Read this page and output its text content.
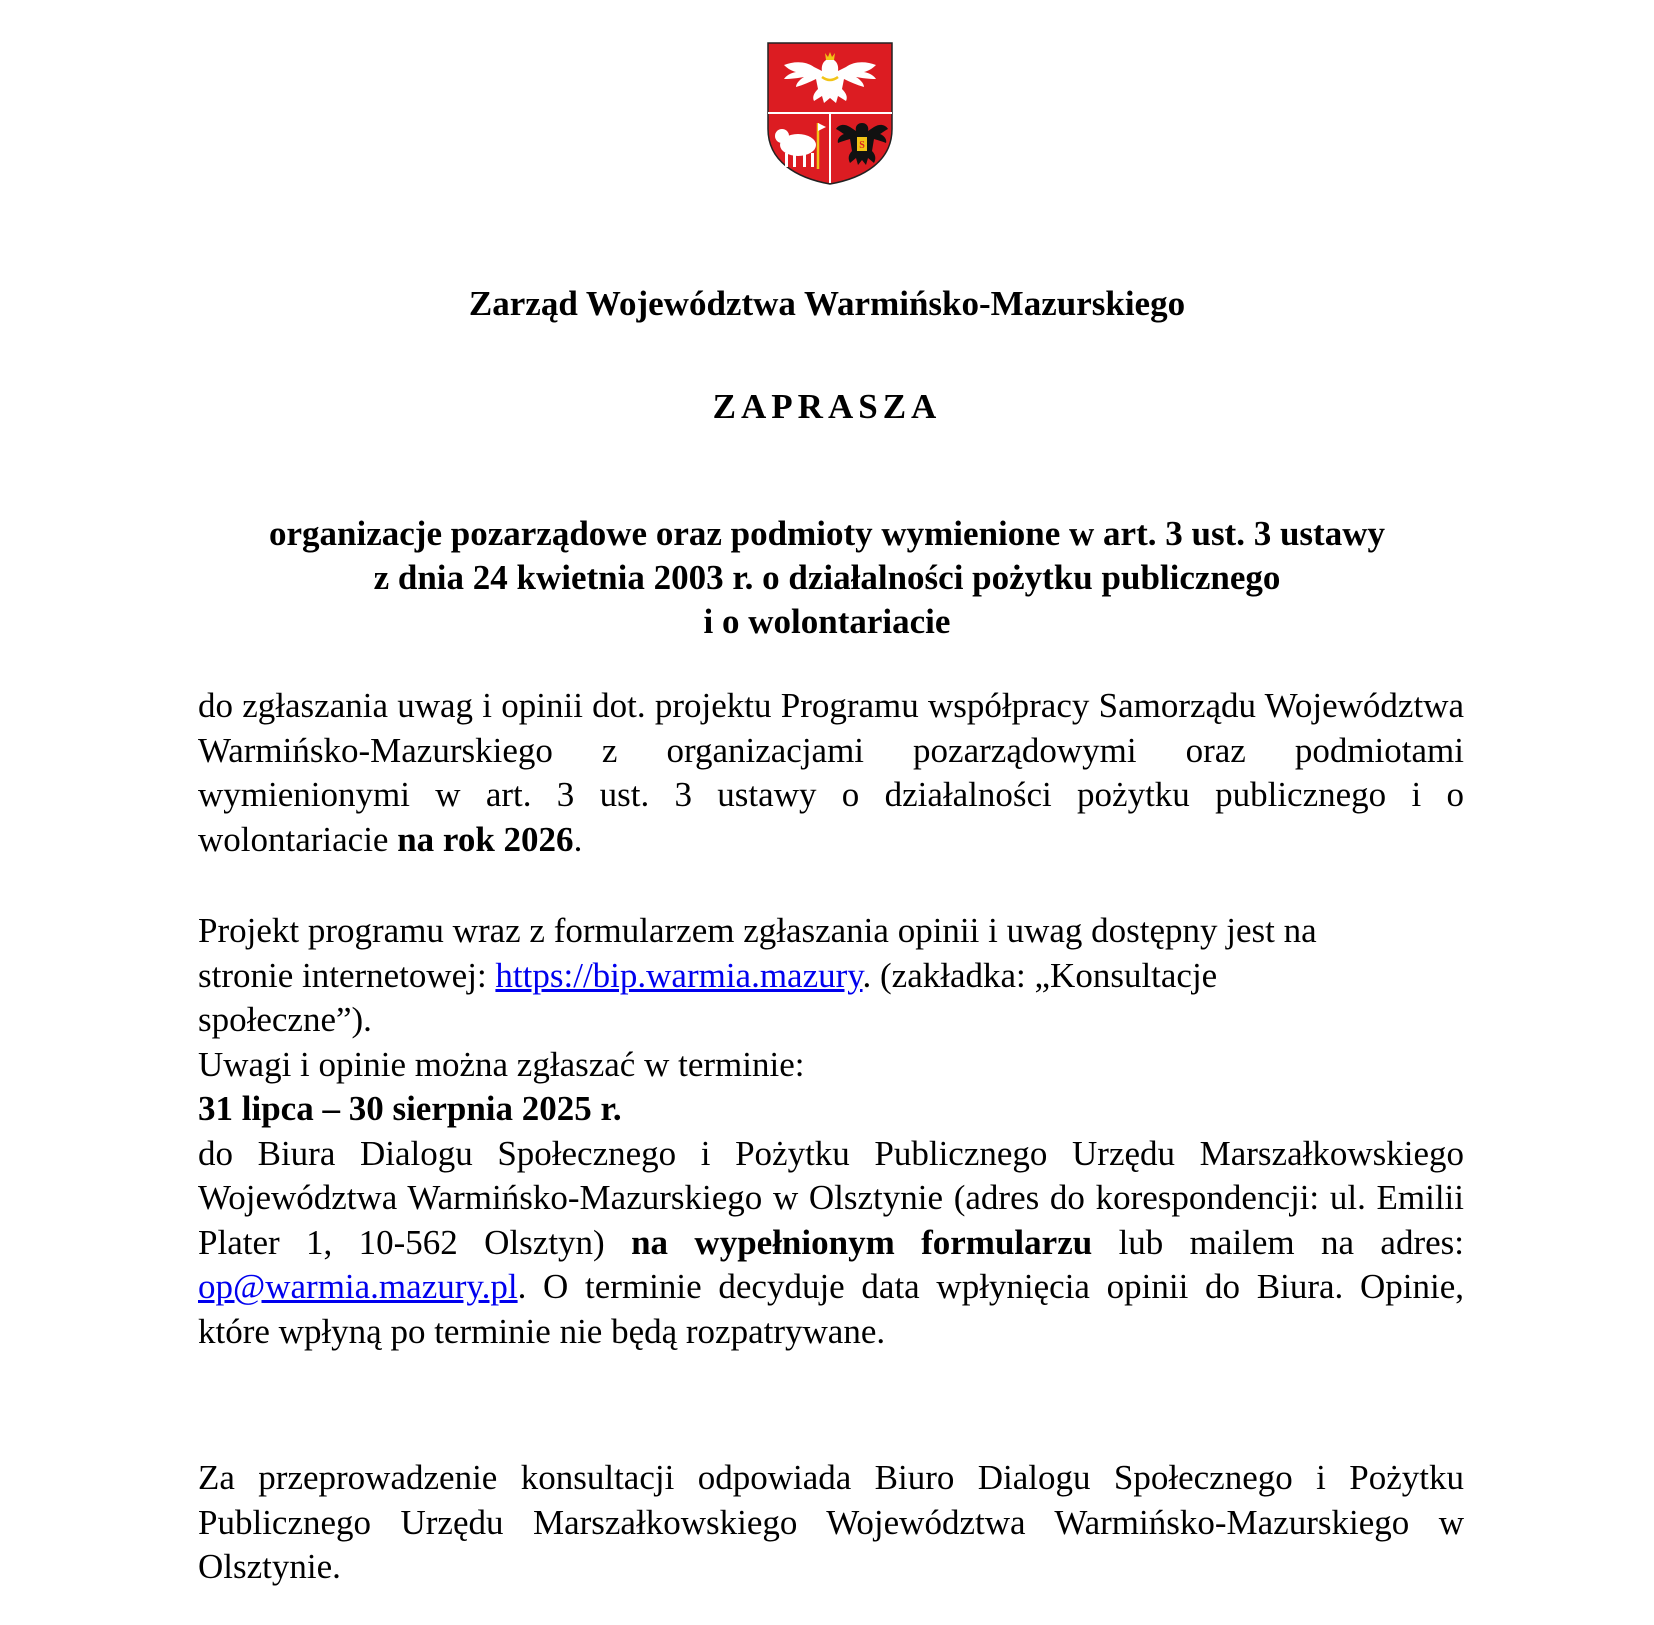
S
Zarząd Województwa Warmińsko-Mazurskiego
ZAPRASZA
organizacje pozarządowe oraz podmioty wymienione w art. 3 ust. 3 ustawy
z dnia 24 kwietnia 2003 r. o działalności pożytku publicznego
i o wolontariacie

do zgłaszania uwag i opinii dot. projektu Programu współpracy Samorządu Województwa Warmińsko-Mazurskiego z organizacjami pozarządowymi oraz podmiotami wymienionymi w art. 3 ust. 3 ustawy o działalności pożytku publicznego i o wolontariacie na rok 2026.

Projekt programu wraz z formularzem zgłaszania opinii i uwag dostępny jest na
stronie internetowej: https://bip.warmia.mazury. (zakładka: „Konsultacje
społeczne”).
Uwagi i opinie można zgłaszać w terminie:
31 lipca – 30 sierpnia 2025 r.
do Biura Dialogu Społecznego i Pożytku Publicznego Urzędu Marszałkowskiego Województwa Warmińsko-Mazurskiego w Olsztynie (adres do korespondencji: ul. Emilii Plater 1, 10-562 Olsztyn) na wypełnionym formularzu lub mailem na adres: op@warmia.mazury.pl. O terminie decyduje data wpłynięcia opinii do Biura. Opinie, które wpłyną po terminie nie będą rozpatrywane.

Za przeprowadzenie konsultacji odpowiada Biuro Dialogu Społecznego i Pożytku Publicznego Urzędu Marszałkowskiego Województwa Warmińsko-Mazurskiego w Olsztynie.
